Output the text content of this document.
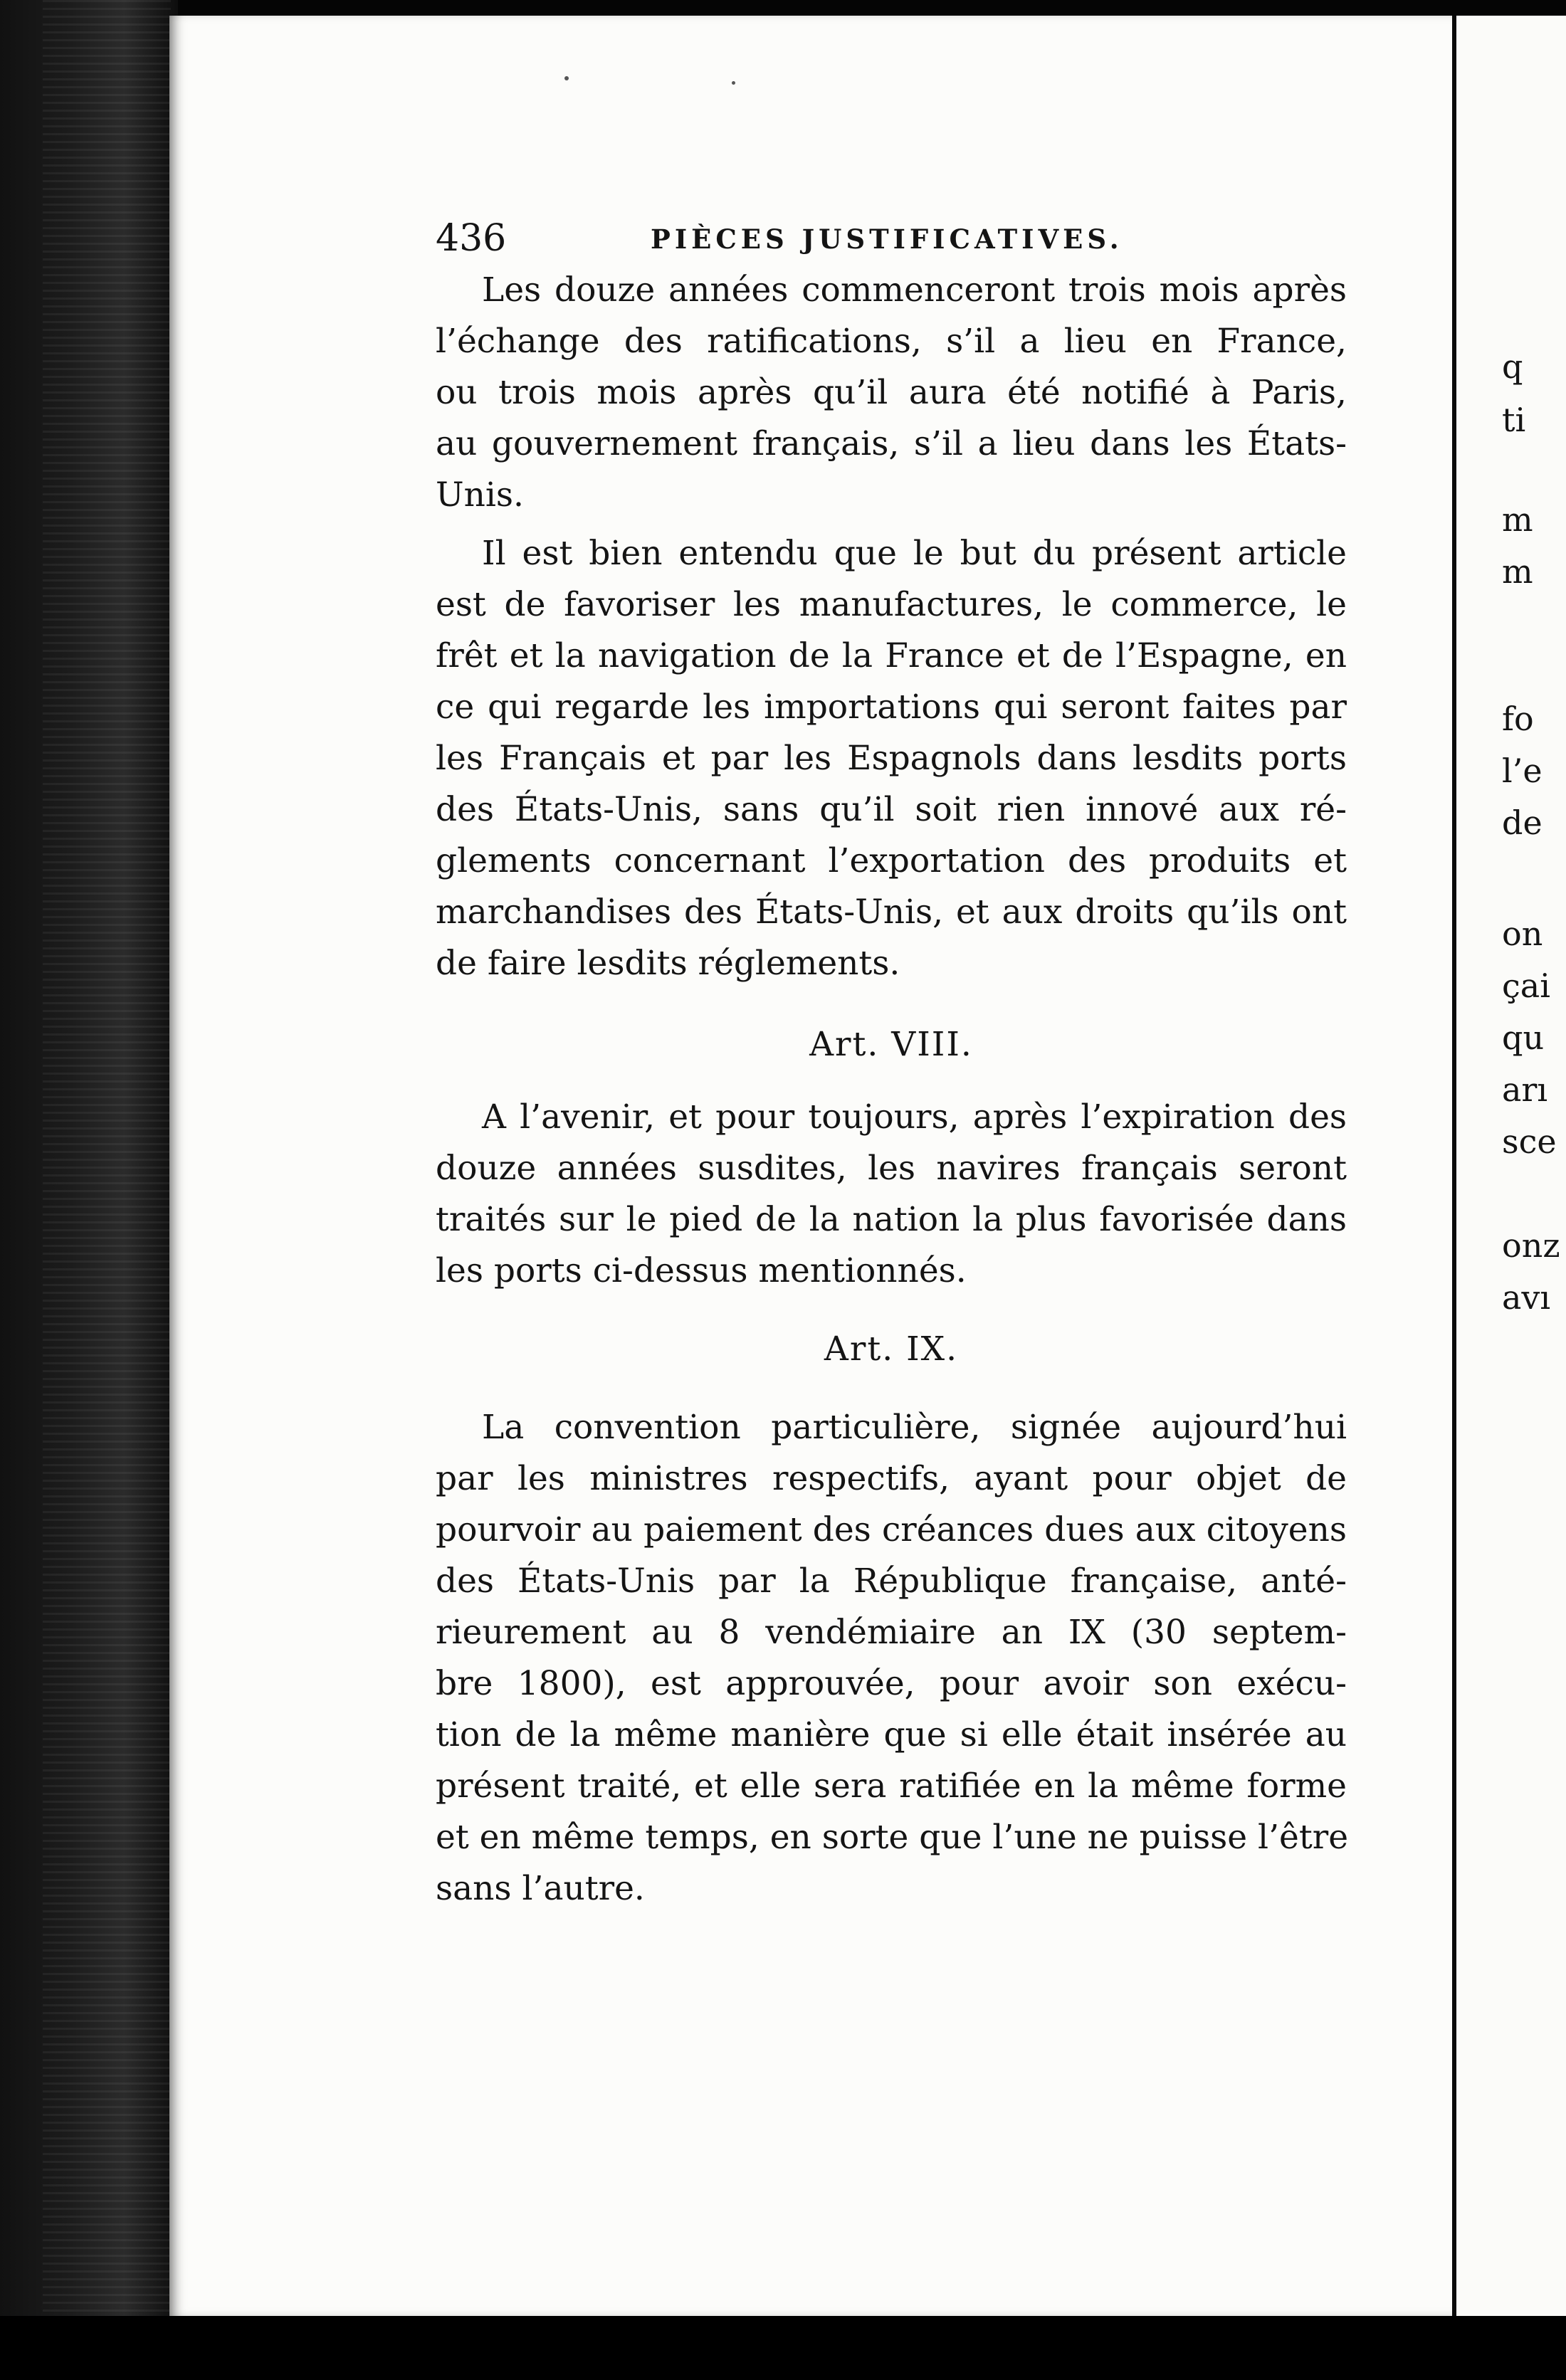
436	PIÈCES JUSTIFICATIVES.
Les douze années commenceront trois mois après
l’échange des ratifications, s’il a lieu en France,
ou trois mois après qu’il aura été notifié à Paris,
au gouvernement français, s’il a lieu dans les États-
Unis.
Il est bien entendu que le but du présent article
est de favoriser les manufactures, le commerce, le
frêt et la navigation de la France et de l’Espagne, en
ce qui regarde les importations qui seront faites par
les Français et par les Espagnols dans lesdits ports
des États-Unis, sans qu’il soit rien innové aux ré-
glements concernant l’exportation des produits et
marchandises des États-Unis, et aux droits qu’ils ont
de faire lesdits réglements.
Art. VIII.
A l’avenir, et pour toujours, après l’expiration des
douze années susdites, les navires français seront
traités sur le pied de la nation la plus favorisée dans
les ports ci-dessus mentionnés.
Art. IX.
La convention particulière, signée aujourd’hui
par les ministres respectifs, ayant pour objet de
pourvoir au paiement des créances dues aux citoyens
des États-Unis par la République française, anté-
rieurement au 8 vendémiaire an IX (30 septem-
bre 1800), est approuvée, pour avoir son exécu-
tion de la même manière que si elle était insérée au
présent traité, et elle sera ratifiée en la même forme
et en même temps, en sorte que l’une ne puisse l’être
sans l’autre.
q
ti
m
m
fo
l’e
de
on
çai
qu
arı
sce
onz
avı
